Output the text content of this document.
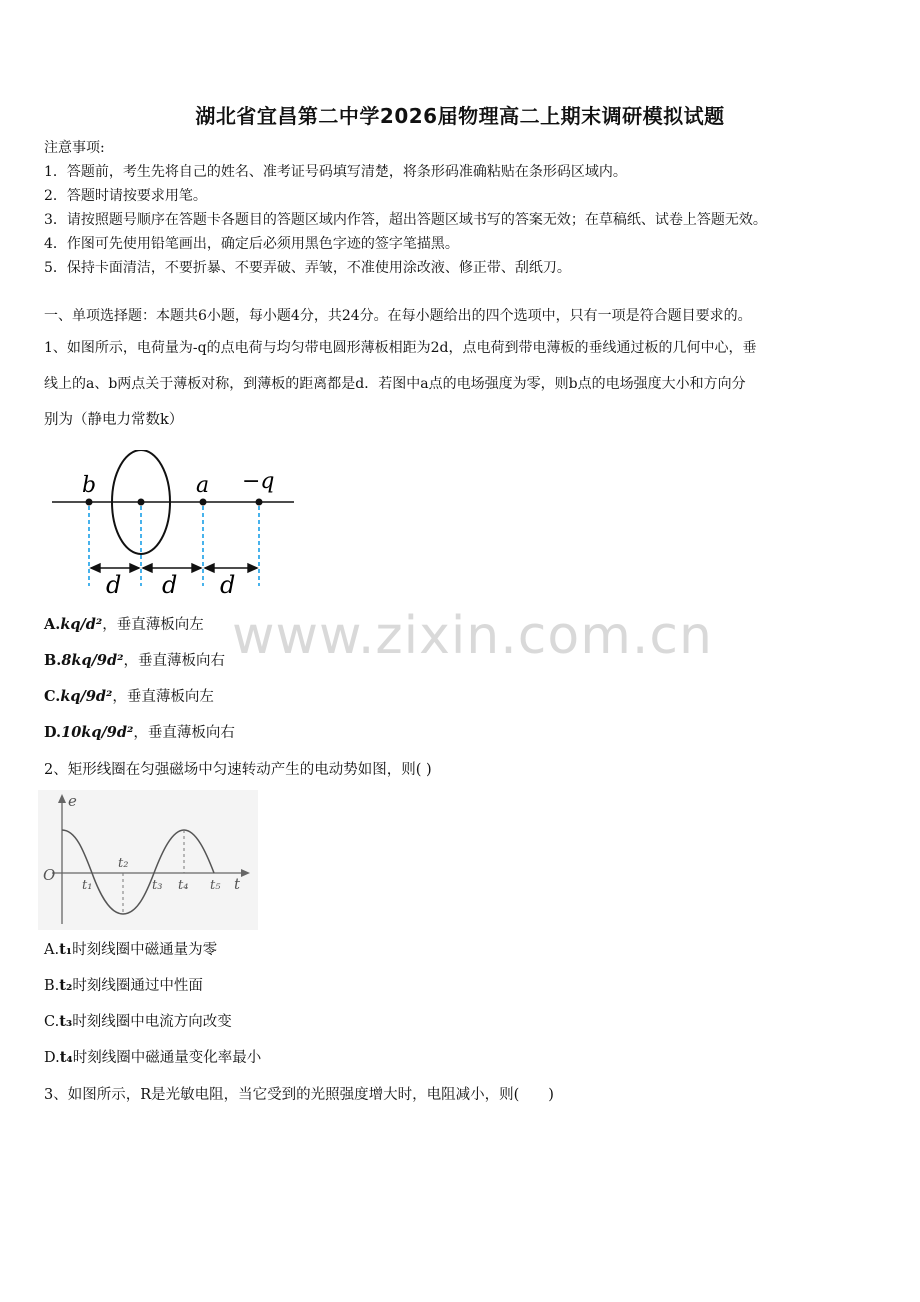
湖北省宜昌第二中学2026届物理高二上期末调研模拟试题
注意事项:
1．答题前，考生先将自己的姓名、准考证号码填写清楚，将条形码准确粘贴在条形码区域内。
2．答题时请按要求用笔。
3．请按照题号顺序在答题卡各题目的答题区域内作答，超出答题区域书写的答案无效；在草稿纸、试卷上答题无效。
4．作图可先使用铅笔画出，确定后必须用黑色字迹的签字笔描黑。
5．保持卡面清洁，不要折暴、不要弄破、弄皱，不准使用涂改液、修正带、刮纸刀。
一、单项选择题：本题共6小题，每小题4分，共24分。在每小题给出的四个选项中，只有一项是符合题目要求的。
1、如图所示，电荷量为-q的点电荷与均匀带电圆形薄板相距为2d，点电荷到带电薄板的垂线通过板的几何中心，垂
线上的a、b两点关于薄板对称，到薄板的距离都是d．若图中a点的电场强度为零，则b点的电场强度大小和方向分
别为（静电力常数k）
b	a −q
d d d
www.zixin.com.cn
A.kq/d²，垂直薄板向左
B.8kq/9d²，垂直薄板向右
C.kq/9d²，垂直薄板向左
D.10kq/9d²，垂直薄板向右
2、矩形线圈在匀强磁场中匀速转动产生的电动势如图，则( )
e
t
O
t₁
t₂
t₃ t₄ t₅
A.t₁时刻线圈中磁通量为零
B.t₂时刻线圈通过中性面
C.t₃时刻线圈中电流方向改变
D.t₄时刻线圈中磁通量变化率最小
3、如图所示，R是光敏电阻，当它受到的光照强度增大时，电阻减小，则(　　)
